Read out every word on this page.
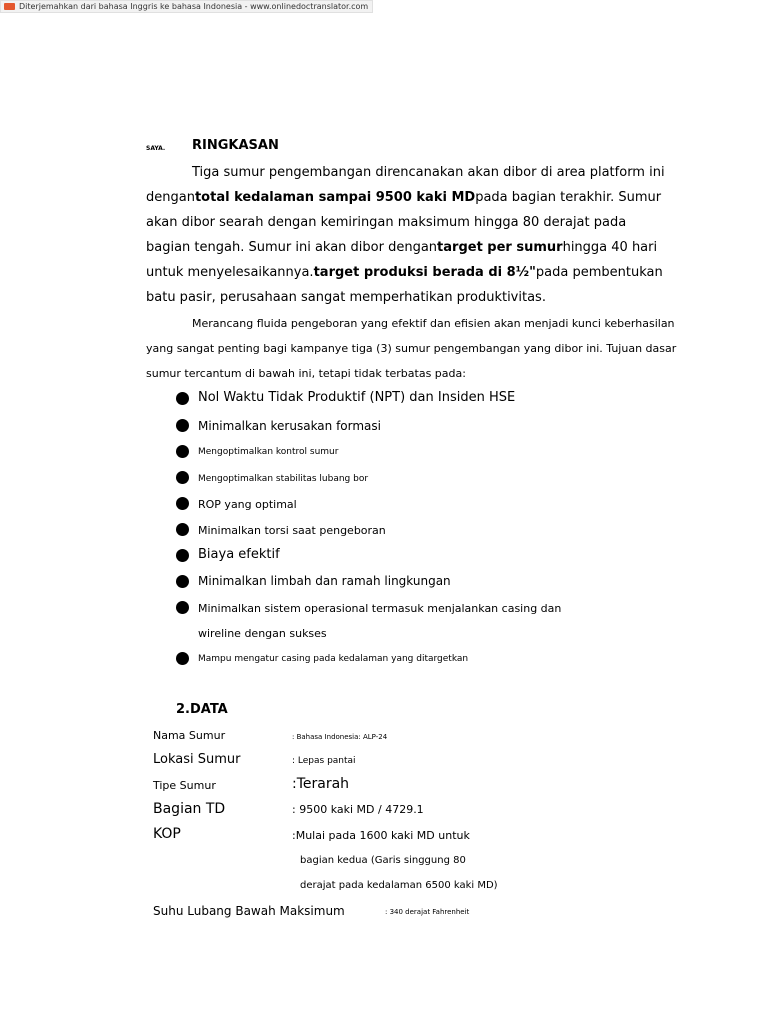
Diterjemahkan dari bahasa Inggris ke bahasa Indonesia - www.onlinedoctranslator.com
SAYA. RINGKASAN
Tiga sumur pengembangan direncanakan akan dibor di area platform ini
dengantotal kedalaman sampai 9500 kaki MDpada bagian terakhir. Sumur
akan dibor searah dengan kemiringan maksimum hingga 80 derajat pada
bagian tengah. Sumur ini akan dibor dengantarget per sumurhingga 40 hari
untuk menyelesaikannya.target produksi berada di 8½"pada pembentukan
batu pasir, perusahaan sangat memperhatikan produktivitas.
Merancang fluida pengeboran yang efektif dan efisien akan menjadi kunci keberhasilan
yang sangat penting bagi kampanye tiga (3) sumur pengembangan yang dibor ini. Tujuan dasar
sumur tercantum di bawah ini, tetapi tidak terbatas pada:
Nol Waktu Tidak Produktif (NPT) dan Insiden HSE
Minimalkan kerusakan formasi
Mengoptimalkan kontrol sumur
Mengoptimalkan stabilitas lubang bor
ROP yang optimal
Minimalkan torsi saat pengeboran
Biaya efektif
Minimalkan limbah dan ramah lingkungan
Minimalkan sistem operasional termasuk menjalankan casing dan
wireline dengan sukses
Mampu mengatur casing pada kedalaman yang ditargetkan
2.DATA
Nama Sumur	: Bahasa Indonesia: ALP-24
Lokasi Sumur	: Lepas pantai
Tipe Sumur	:Terarah
Bagian TD	: 9500 kaki MD / 4729.1
KOP	:Mulai pada 1600 kaki MD untuk
bagian kedua (Garis singgung 80
derajat pada kedalaman 6500 kaki MD)
Suhu Lubang Bawah Maksimum	: 340 derajat Fahrenheit
